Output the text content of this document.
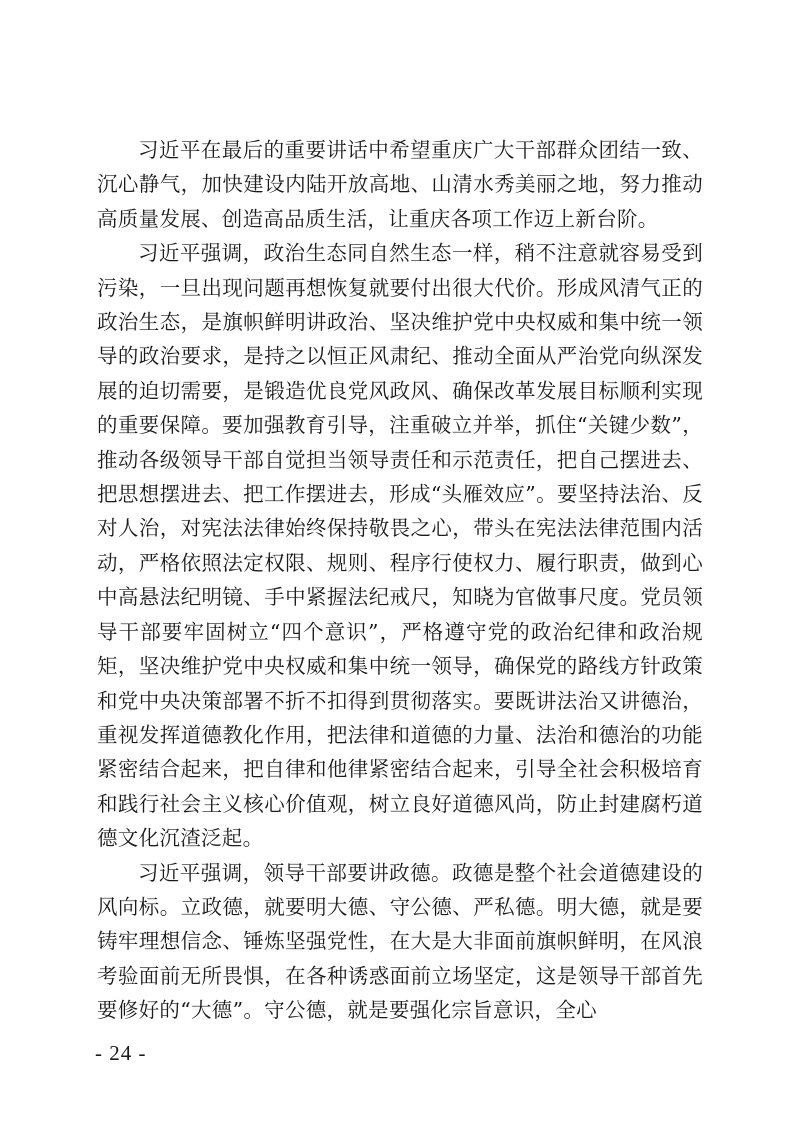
习近平在最后的重要讲话中希望重庆广大干部群众团结一致、沉心静气，加快建设内陆开放高地、山清水秀美丽之地，努力推动高质量发展、创造高品质生活，让重庆各项工作迈上新台阶。

习近平强调，政治生态同自然生态一样，稍不注意就容易受到污染，一旦出现问题再想恢复就要付出很大代价。形成风清气正的政治生态，是旗帜鲜明讲政治、坚决维护党中央权威和集中统一领导的政治要求，是持之以恒正风肃纪、推动全面从严治党向纵深发展的迫切需要，是锻造优良党风政风、确保改革发展目标顺利实现的重要保障。要加强教育引导，注重破立并举，抓住“关键少数”，推动各级领导干部自觉担当领导责任和示范责任，把自己摆进去、把思想摆进去、把工作摆进去，形成“头雁效应”。要坚持法治、反对人治，对宪法法律始终保持敬畏之心，带头在宪法法律范围内活动，严格依照法定权限、规则、程序行使权力、履行职责，做到心中高悬法纪明镜、手中紧握法纪戒尺，知晓为官做事尺度。党员领导干部要牢固树立“四个意识”，严格遵守党的政治纪律和政治规矩，坚决维护党中央权威和集中统一领导，确保党的路线方针政策和党中央决策部署不折不扣得到贯彻落实。要既讲法治又讲德治，重视发挥道德教化作用，把法律和道德的力量、法治和德治的功能紧密结合起来，把自律和他律紧密结合起来，引导全社会积极培育和践行社会主义核心价值观，树立良好道德风尚，防止封建腐朽道德文化沉渣泛起。

习近平强调，领导干部要讲政德。政德是整个社会道德建设的风向标。立政德，就要明大德、守公德、严私德。明大德，就是要铸牢理想信念、锤炼坚强党性，在大是大非面前旗帜鲜明，在风浪考验面前无所畏惧，在各种诱惑面前立场坚定，这是领导干部首先要修好的“大德”。守公德，就是要强化宗旨意识，全心

- 24 -
